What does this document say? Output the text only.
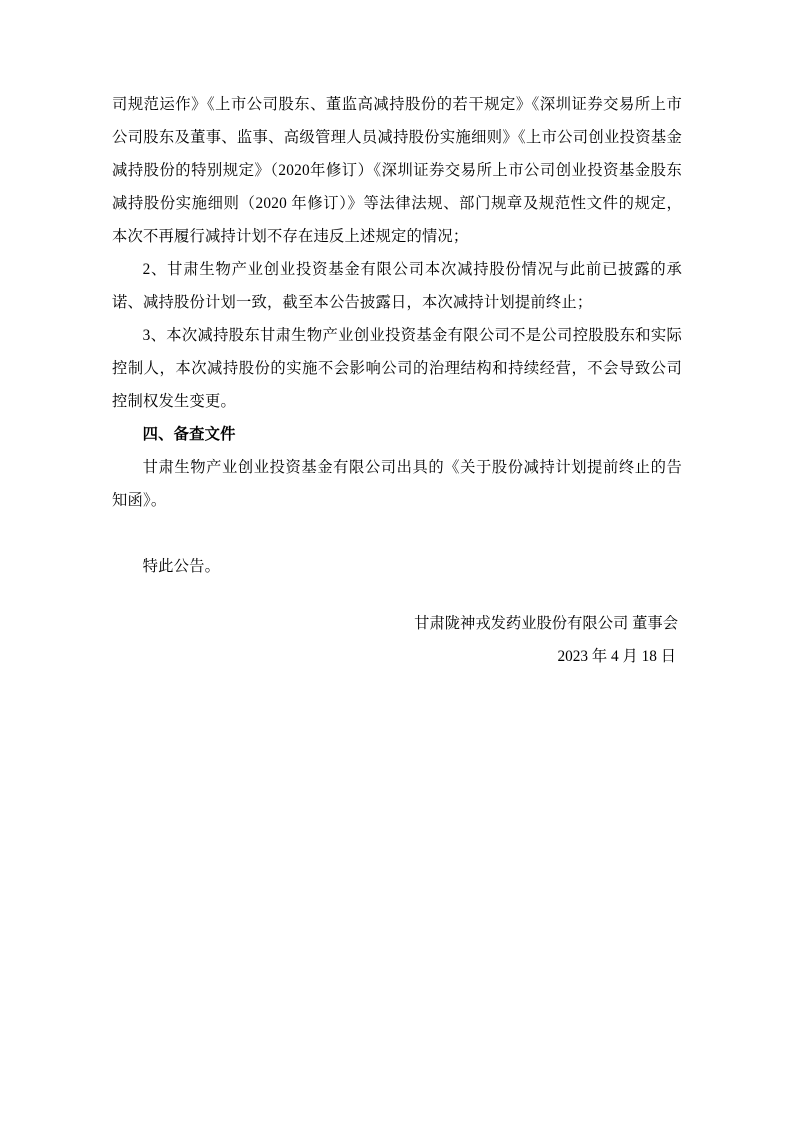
司规范运作》《上市公司股东、董监高减持股份的若干规定》《深圳证券交易所上市公司股东及董事、监事、高级管理人员减持股份实施细则》《上市公司创业投资基金减持股份的特别规定》（2020年修订）《深圳证券交易所上市公司创业投资基金股东减持股份实施细则（2020 年修订）》等法律法规、部门规章及规范性文件的规定，本次不再履行减持计划不存在违反上述规定的情况；

2、甘肃生物产业创业投资基金有限公司本次减持股份情况与此前已披露的承诺、减持股份计划一致，截至本公告披露日，本次减持计划提前终止；

3、本次减持股东甘肃生物产业创业投资基金有限公司不是公司控股股东和实际控制人，本次减持股份的实施不会影响公司的治理结构和持续经营，不会导致公司控制权发生变更。

四、备查文件

甘肃生物产业创业投资基金有限公司出具的《关于股份减持计划提前终止的告知函》。

特此公告。

甘肃陇神戎发药业股份有限公司 董事会
2023 年 4 月 18 日
